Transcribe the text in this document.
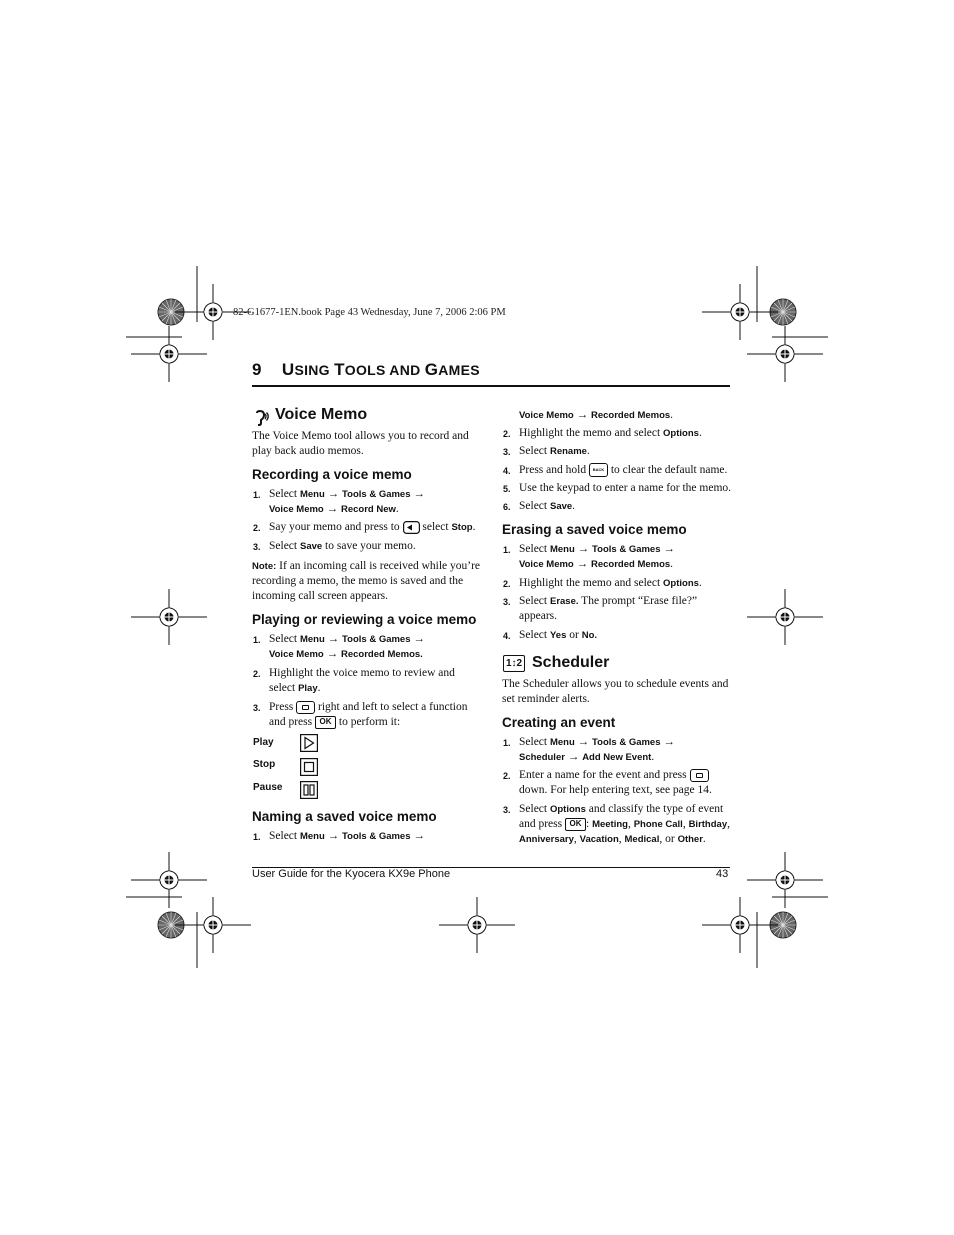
82-G1677-1EN.book Page 43 Wednesday, June 7, 2006 2:06 PM
9 USING TOOLS AND GAMES
Voice Memo
The Voice Memo tool allows you to record and
play back audio memos.
Recording a voice memo
1. Select Menu → Tools & Games →
Voice Memo → Record New.
2. Say your memo and press to  select Stop.
3. Select Save to save your memo.
Note: If an incoming call is received while you’re
recording a memo, the memo is saved and the
incoming call screen appears.
Playing or reviewing a voice memo
1. Select Menu → Tools & Games →
Voice Memo → Recorded Memos.
2. Highlight the voice memo to review and
select Play.
3. Press  right and left to select a function
and press OK to perform it:
Play
Stop
Pause
Naming a saved voice memo
1. Select Menu → Tools & Games →
Voice Memo → Recorded Memos.
2. Highlight the memo and select Options.
3. Select Rename.
4. Press and hold BACK to clear the default name.
5. Use the keypad to enter a name for the memo.
6. Select Save.
Erasing a saved voice memo
1. Select Menu → Tools & Games →
Voice Memo → Recorded Memos.
2. Highlight the memo and select Options.
3. Select Erase. The prompt “Erase file?”
appears.
4. Select Yes or No.
1↕2 Scheduler
The Scheduler allows you to schedule events and
set reminder alerts.
Creating an event
1. Select Menu → Tools & Games →
Scheduler → Add New Event.
2. Enter a name for the event and press
down. For help entering text, see page 14.
3. Select Options and classify the type of event
and press OK : Meeting, Phone Call, Birthday,
Anniversary, Vacation, Medical, or Other.
User Guide for the Kyocera KX9e Phone	43
